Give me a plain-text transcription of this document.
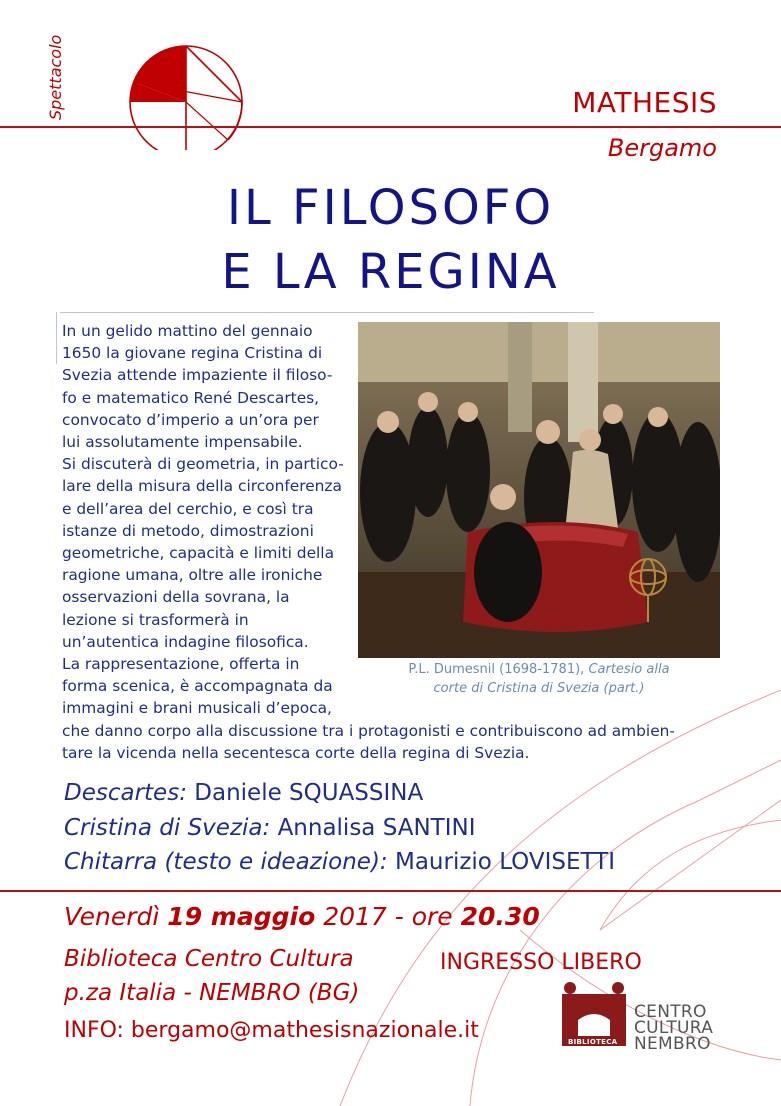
Spettacolo	MATHESIS
Bergamo
IL FILOSOFO
E LA REGINA
In un gelido mattino del gennaio
1650 la giovane regina Cristina di
Svezia attende impaziente il filoso-
fo e matematico René Descartes,
convocato d’imperio a un’ora per
lui assolutamente impensabile.
Si discuterà di geometria, in partico-
lare della misura della circonferenza
e dell’area del cerchio, e così tra
istanze di metodo, dimostrazioni
geometriche, capacità e limiti della
ragione umana, oltre alle ironiche
osservazioni della sovrana, la
lezione si trasformerà in
un’autentica indagine filosofica.
La rappresentazione, offerta in
forma scenica, è accompagnata da
immagini e brani musicali d’epoca,
che danno corpo alla discussione tra i protagonisti e contribuiscono ad ambien-
tare la vicenda nella secentesca corte della regina di Svezia.
P.L. Dumesnil (1698-1781), Cartesio alla
corte di Cristina di Svezia (part.)
Descartes: Daniele SQUASSINA
Cristina di Svezia: Annalisa SANTINI
Chitarra (testo e ideazione): Maurizio LOVISETTI
Venerdì 19 maggio 2017 - ore 20.30
Biblioteca Centro Cultura
p.za Italia - NEMBRO (BG)
INGRESSO LIBERO
INFO: bergamo@mathesisnazionale.it	BIBLIOTECA
CENTRO
CULTURA
NEMBRO
